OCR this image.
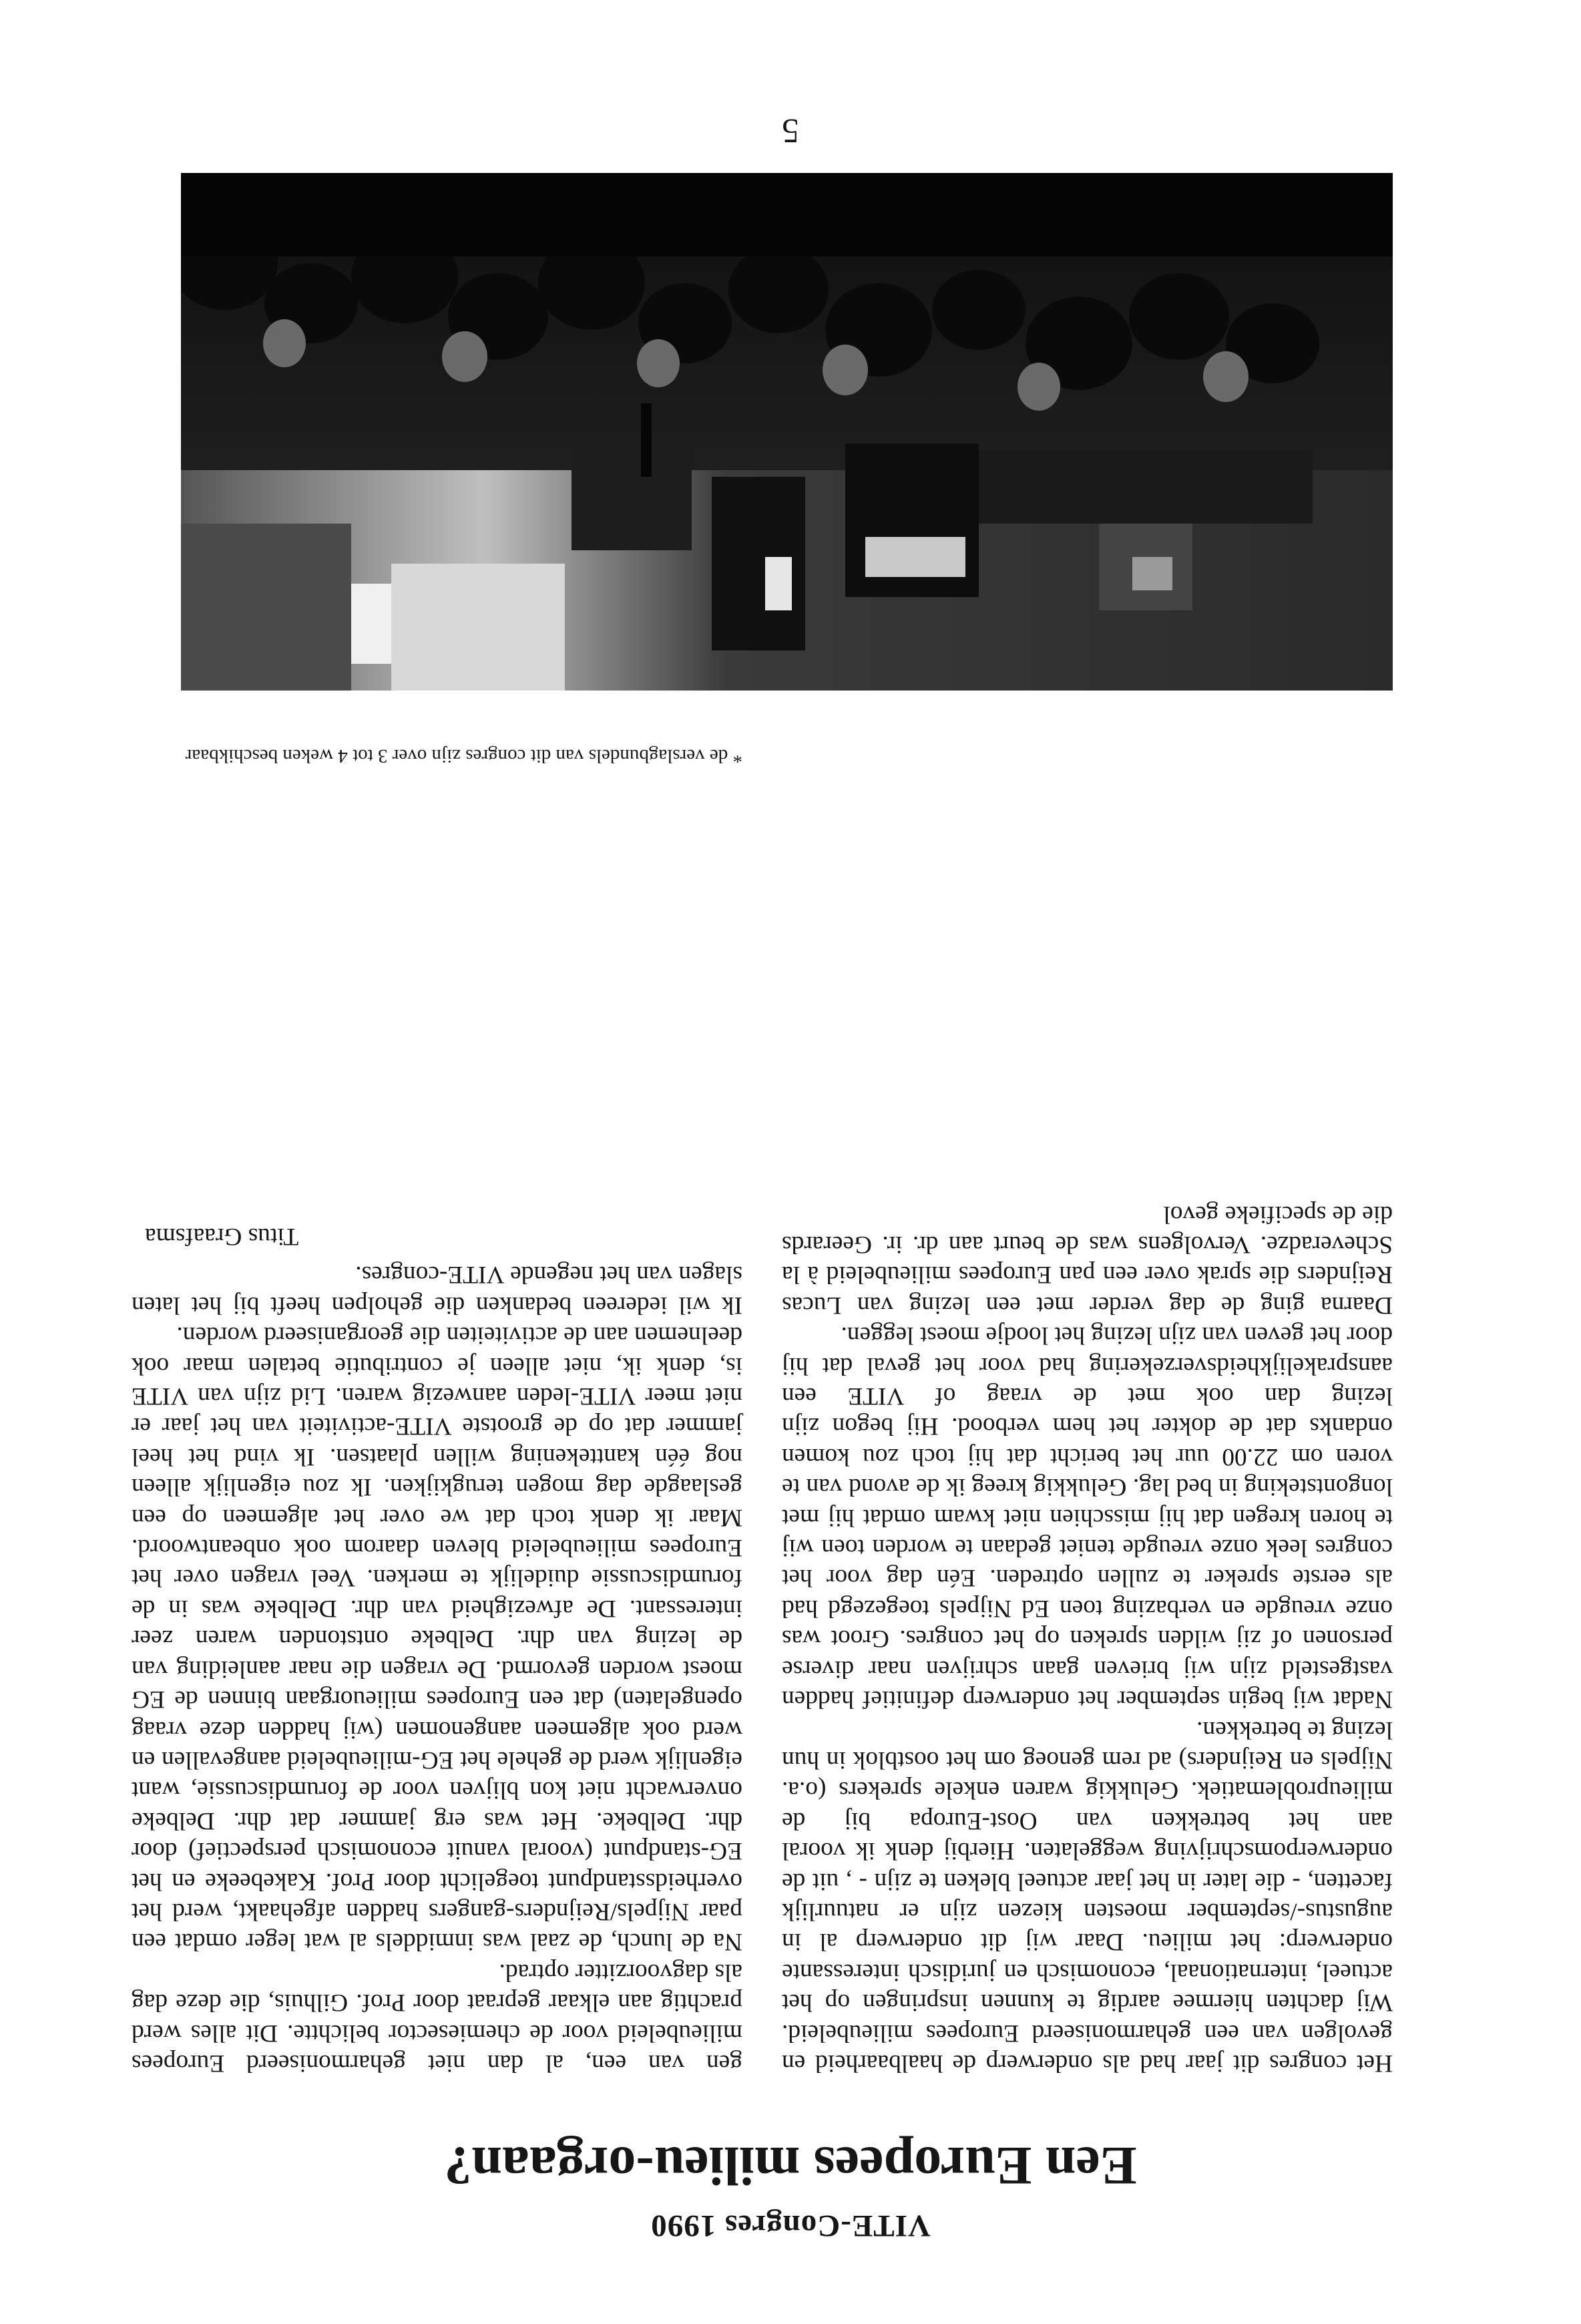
VITE-Congres 1990
Een Europees milieu-orgaan?

Het congres dit jaar had als onderwerp de haalbaarheid en gevolgen van een geharmoniseerd Europees milieubeleid. Wij dachten hiermee aardig te kunnen inspringen op het actueel, internationaal, economisch en juridisch interessante onderwerp: het milieu. Daar wij dit onderwerp al in augustus-/september moesten kiezen zijn er natuurlijk facetten, - die later in het jaar actueel bleken te zijn - , uit de onderwerpomschrijving weggelaten. Hierbij denk ik vooral aan het betrekken van Oost-Europa bij de milieuproblematiek. Gelukkig waren enkele sprekers (o.a. Nijpels en Reijnders) ad rem genoeg om het oostblok in hun lezing te betrekken.

Nadat wij begin september het onderwerp definitief hadden vastgesteld zijn wij brieven gaan schrijven naar diverse personen of zij wilden spreken op het congres. Groot was onze vreugde en verbazing toen Ed Nijpels toegezegd had als eerste spreker te zullen optreden. Eén dag voor het congres leek onze vreugde teniet gedaan te worden toen wij te horen kregen dat hij misschien niet kwam omdat hij met longontsteking in bed lag. Gelukkig kreeg ik de avond van te voren om 22.00 uur het bericht dat hij toch zou komen ondanks dat de dokter het hem verbood. Hij begon zijn lezing dan ook met de vraag of VITE een aansprakelijkheidsverzekering had voor het geval dat hij door het geven van zijn lezing het loodje moest leggen.

Daarna ging de dag verder met een lezing van Lucas Reijnders die sprak over een pan Europees milieubeleid à la Scheveradze. Vervolgens was de beurt aan dr. ir. Geerards die de specifieke gevol

gen van een, al dan niet geharmoniseerd Europees milieubeleid voor de chemiesector belichtte. Dit alles werd prachtig aan elkaar gepraat door Prof. Gilhuis, die deze dag als dagvoorzitter optrad.

Na de lunch, de zaal was inmiddels al wat leger omdat een paar Nijpels/Reijnders-gangers hadden afgehaakt, werd het overheidsstandpunt toegelicht door Prof. Kakebeeke en het EG-standpunt (vooral vanuit economisch perspectief) door dhr. Delbeke. Het was erg jammer dat dhr. Delbeke onverwacht niet kon blijven voor de forumdiscussie, want eigenlijk werd de gehele het EG-milieubeleid aangevallen en werd ook algemeen aangenomen (wij hadden deze vraag opengelaten) dat een Europees milieuorgaan binnen de EG moest worden gevormd. De vragen die naar aanleiding van de lezing van dhr. Delbeke ontstonden waren zeer interessant. De afwezigheid van dhr. Delbeke was in de forumdiscussie duidelijk te merken. Veel vragen over het Europees milieubeleid bleven daarom ook onbeantwoord. Maar ik denk toch dat we over het algemeen op een geslaagde dag mogen terugkijken. Ik zou eigenlijk alleen nog één kanttekening willen plaatsen. Ik vind het heel jammer dat op de grootste VITE-activiteit van het jaar er niet meer VITE-leden aanwezig waren. Lid zijn van VITE is, denk ik, niet alleen je contributie betalen maar ook deelnemen aan de activiteiten die georganiseerd worden.

Ik wil iedereen bedanken die geholpen heeft bij het laten slagen van het negende VITE-congres.

Titus Graafsma

* de verslagbundels van dit congres zijn over 3 tot 4 weken beschikbaar
5
